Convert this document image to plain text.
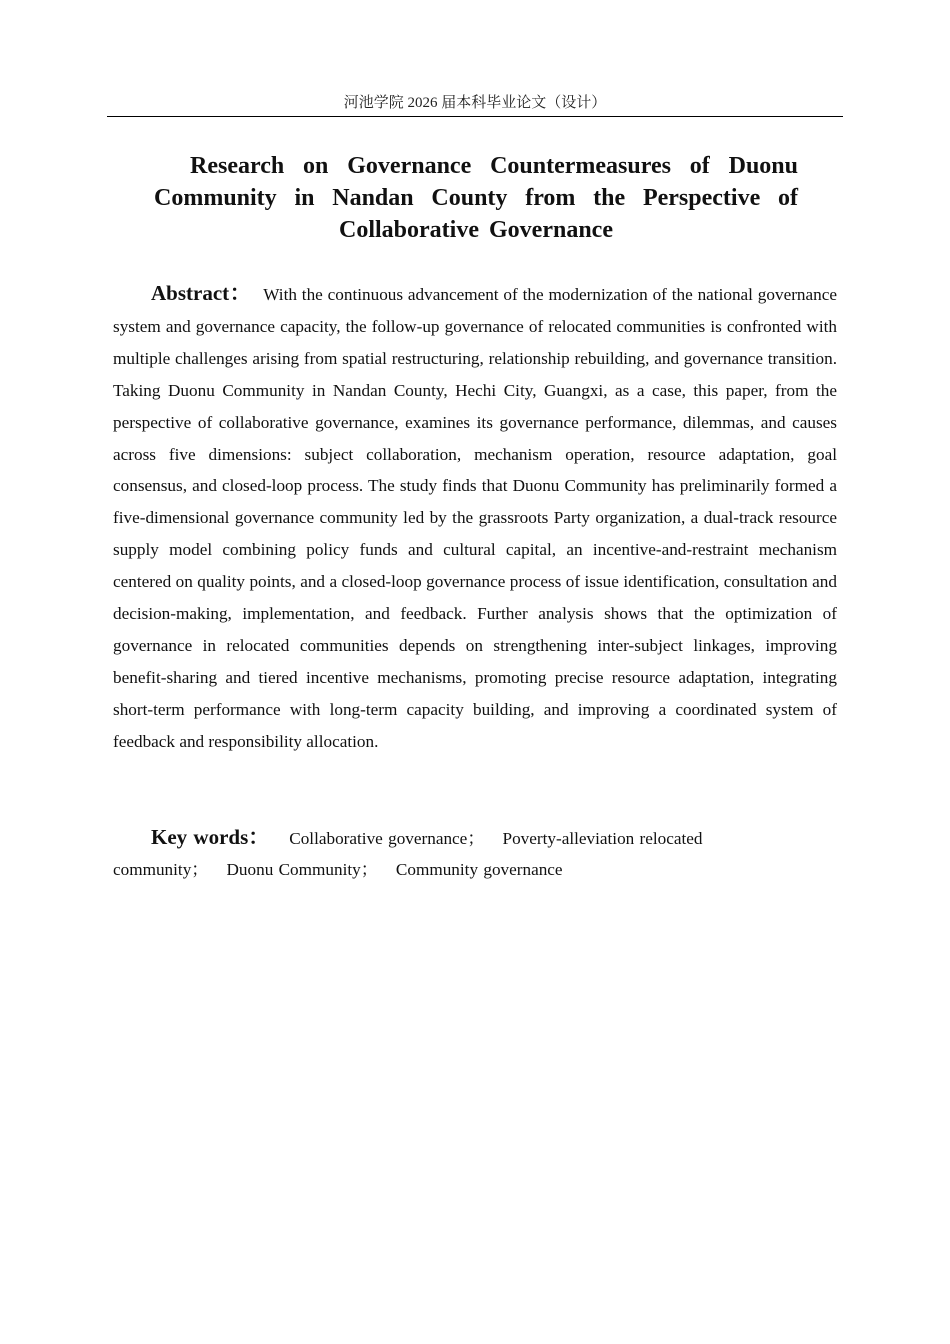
河池学院 2026 届本科毕业论文（设计）
Research on Governance Countermeasures of Duonu Community in Nandan County from the Perspective of Collaborative Governance

Abstract： With the continuous advancement of the modernization of the national governance system and governance capacity, the follow-up governance of relocated communities is confronted with multiple challenges arising from spatial restructuring, relationship rebuilding, and governance transition. Taking Duonu Community in Nandan County, Hechi City, Guangxi, as a case, this paper, from the perspective of collaborative governance, examines its governance performance, dilemmas, and causes across five dimensions: subject collaboration, mechanism operation, resource adaptation, goal consensus, and closed-loop process. The study finds that Duonu Community has preliminarily formed a five-dimensional governance community led by the grassroots Party organization, a dual-track resource supply model combining policy funds and cultural capital, an incentive-and-restraint mechanism centered on quality points, and a closed-loop governance process of issue identification, consultation and decision-making, implementation, and feedback. Further analysis shows that the optimization of governance in relocated communities depends on strengthening inter-subject linkages, improving benefit-sharing and tiered incentive mechanisms, promoting precise resource adaptation, integrating short-term performance with long-term capacity building, and improving a coordinated system of feedback and responsibility allocation.

Key words： Collaborative governance； Poverty-alleviation relocated community； Duonu Community； Community governance
